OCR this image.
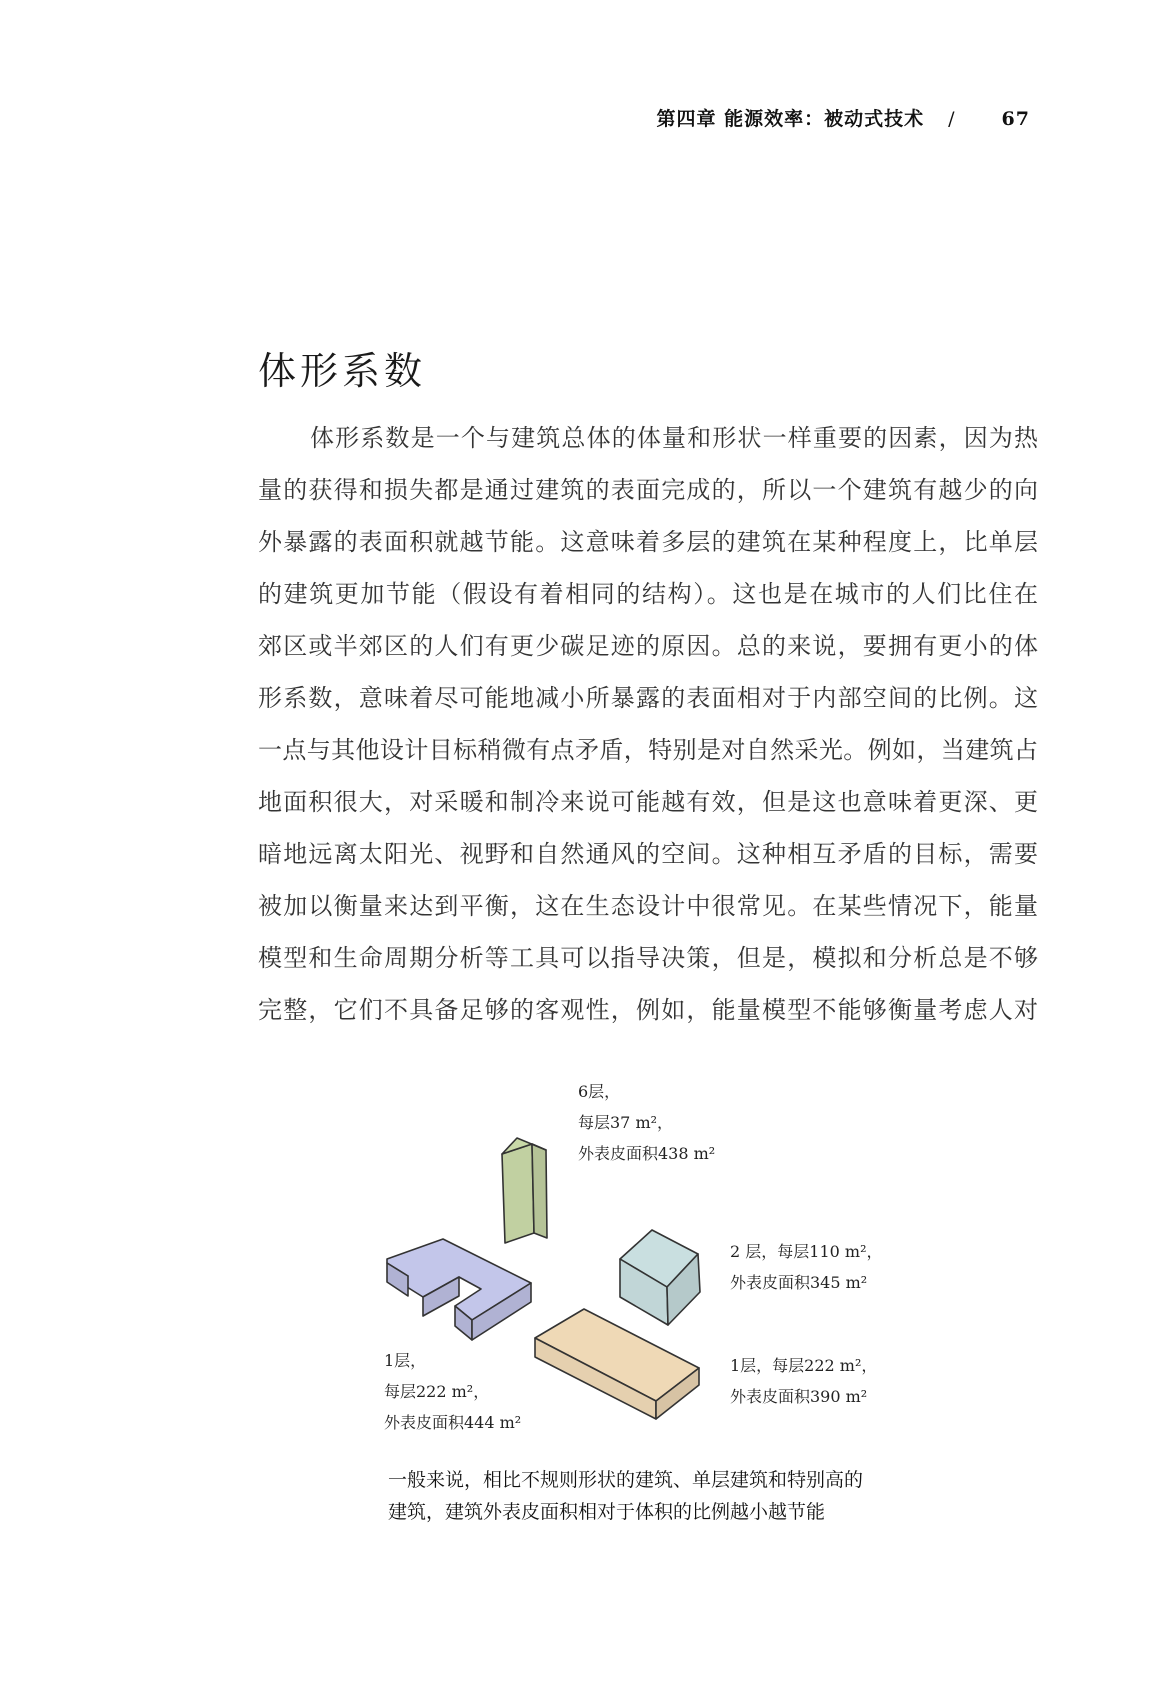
第四章 能源效率：被动式技术 / 67
体形系数
体形系数是一个与建筑总体的体量和形状一样重要的因素，因为热
量的获得和损失都是通过建筑的表面完成的，所以一个建筑有越少的向
外暴露的表面积就越节能。这意味着多层的建筑在某种程度上，比单层
的建筑更加节能（假设有着相同的结构）。这也是在城市的人们比住在
郊区或半郊区的人们有更少碳足迹的原因。总的来说，要拥有更小的体
形系数，意味着尽可能地减小所暴露的表面相对于内部空间的比例。这
一点与其他设计目标稍微有点矛盾，特别是对自然采光。例如，当建筑占
地面积很大，对采暖和制冷来说可能越有效，但是这也意味着更深、更
暗地远离太阳光、视野和自然通风的空间。这种相互矛盾的目标，需要
被加以衡量来达到平衡，这在生态设计中很常见。在某些情况下，能量
模型和生命周期分析等工具可以指导决策，但是，模拟和分析总是不够
完整，它们不具备足够的客观性，例如，能量模型不能够衡量考虑人对
6层，
每层37 m²，
外表皮面积438 m²
2 层，每层110 m²，
外表皮面积345 m²
1层，
每层222 m²，
外表皮面积444 m²
1层，每层222 m²，
外表皮面积390 m²
一般来说，相比不规则形状的建筑、单层建筑和特别高的
建筑，建筑外表皮面积相对于体积的比例越小越节能
